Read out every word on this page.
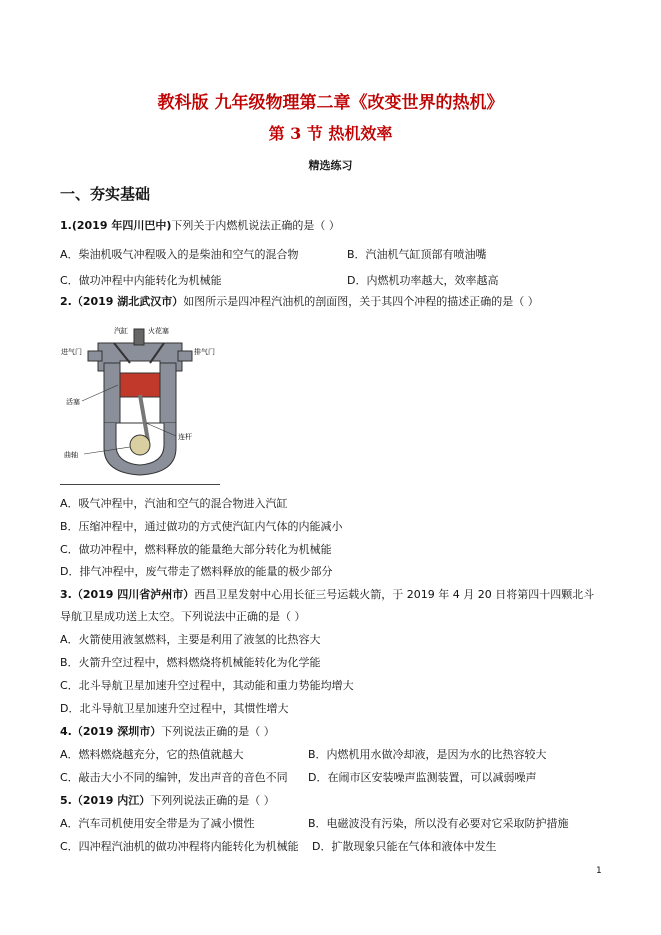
教科版 九年级物理第二章《改变世界的热机》
第 3 节 热机效率
精选练习
一、夯实基础
1.(2019 年四川巴中)下列关于内燃机说法正确的是（ ）
A．柴油机吸气冲程吸入的是柴油和空气的混合物	B．汽油机气缸顶部有喷油嘴
C．做功冲程中内能转化为机械能	D．内燃机功率越大，效率越高
2.（2019 湖北武汉市）如图所示是四冲程汽油机的剖面图，关于其四个冲程的描述正确的是（ ）
汽缸	火花塞
进气门	排气门
活塞
连杆
曲轴
A．吸气冲程中，汽油和空气的混合物进入汽缸
B．压缩冲程中，通过做功的方式使汽缸内气体的内能减小
C．做功冲程中，燃料释放的能量绝大部分转化为机械能
D．排气冲程中，废气带走了燃料释放的能量的极少部分
3.（2019 四川省泸州市）西昌卫星发射中心用长征三号运载火箭，于 2019 年 4 月 20 日将第四十四颗北斗
导航卫星成功送上太空。下列说法中正确的是（ ）
A．火箭使用液氢燃料，主要是利用了液氢的比热容大
B．火箭升空过程中，燃料燃烧将机械能转化为化学能
C．北斗导航卫星加速升空过程中，其动能和重力势能均增大
D．北斗导航卫星加速升空过程中，其惯性增大
4.（2019 深圳市）下列说法正确的是（ ）
A．燃料燃烧越充分，它的热值就越大	B．内燃机用水做冷却液，是因为水的比热容较大
C．敲击大小不同的编钟，发出声音的音色不同 D．在闹市区安装噪声监测装置，可以减弱噪声
5.（2019 内江）下列列说法正确的是（ ）
A．汽车司机使用安全带是为了减小惯性	B．电磁波没有污染，所以没有必要对它采取防护措施
C．四冲程汽油机的做功冲程将内能转化为机械能 D．扩散现象只能在气体和液体中发生
1
